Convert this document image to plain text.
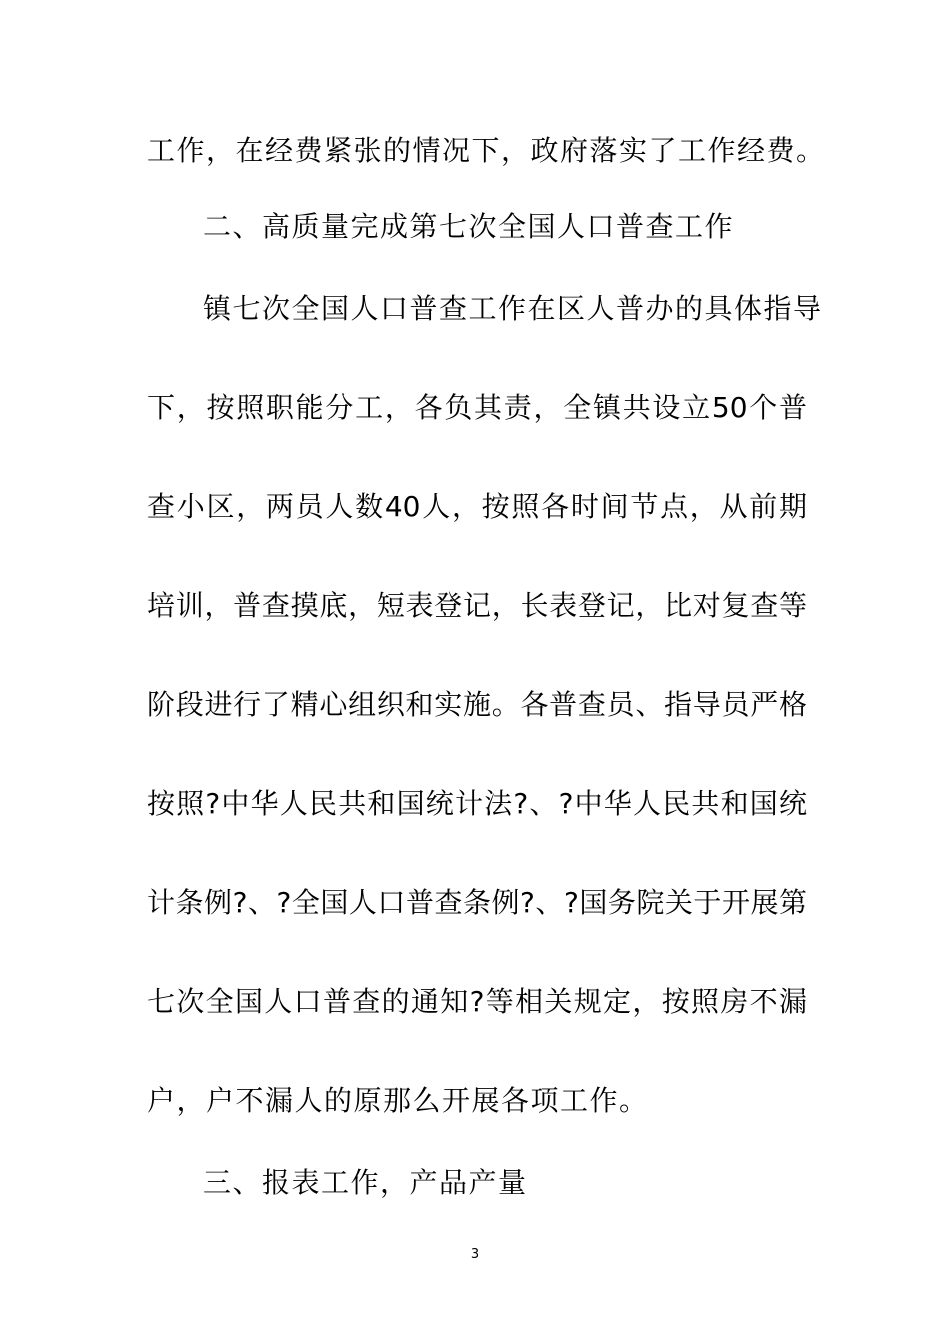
工作，在经费紧张的情况下，政府落实了工作经费。
二、高质量完成第七次全国人口普查工作
镇七次全国人口普查工作在区人普办的具体指导
下，按照职能分工，各负其责，全镇共设立50个普
查小区，两员人数40人，按照各时间节点，从前期
培训，普查摸底，短表登记，长表登记，比对复查等
阶段进行了精心组织和实施。各普查员、指导员严格
按照?中华人民共和国统计法?、?中华人民共和国统
计条例?、?全国人口普查条例?、?国务院关于开展第
七次全国人口普查的通知?等相关规定，按照房不漏
户，户不漏人的原那么开展各项工作。
三、报表工作，产品产量
3
